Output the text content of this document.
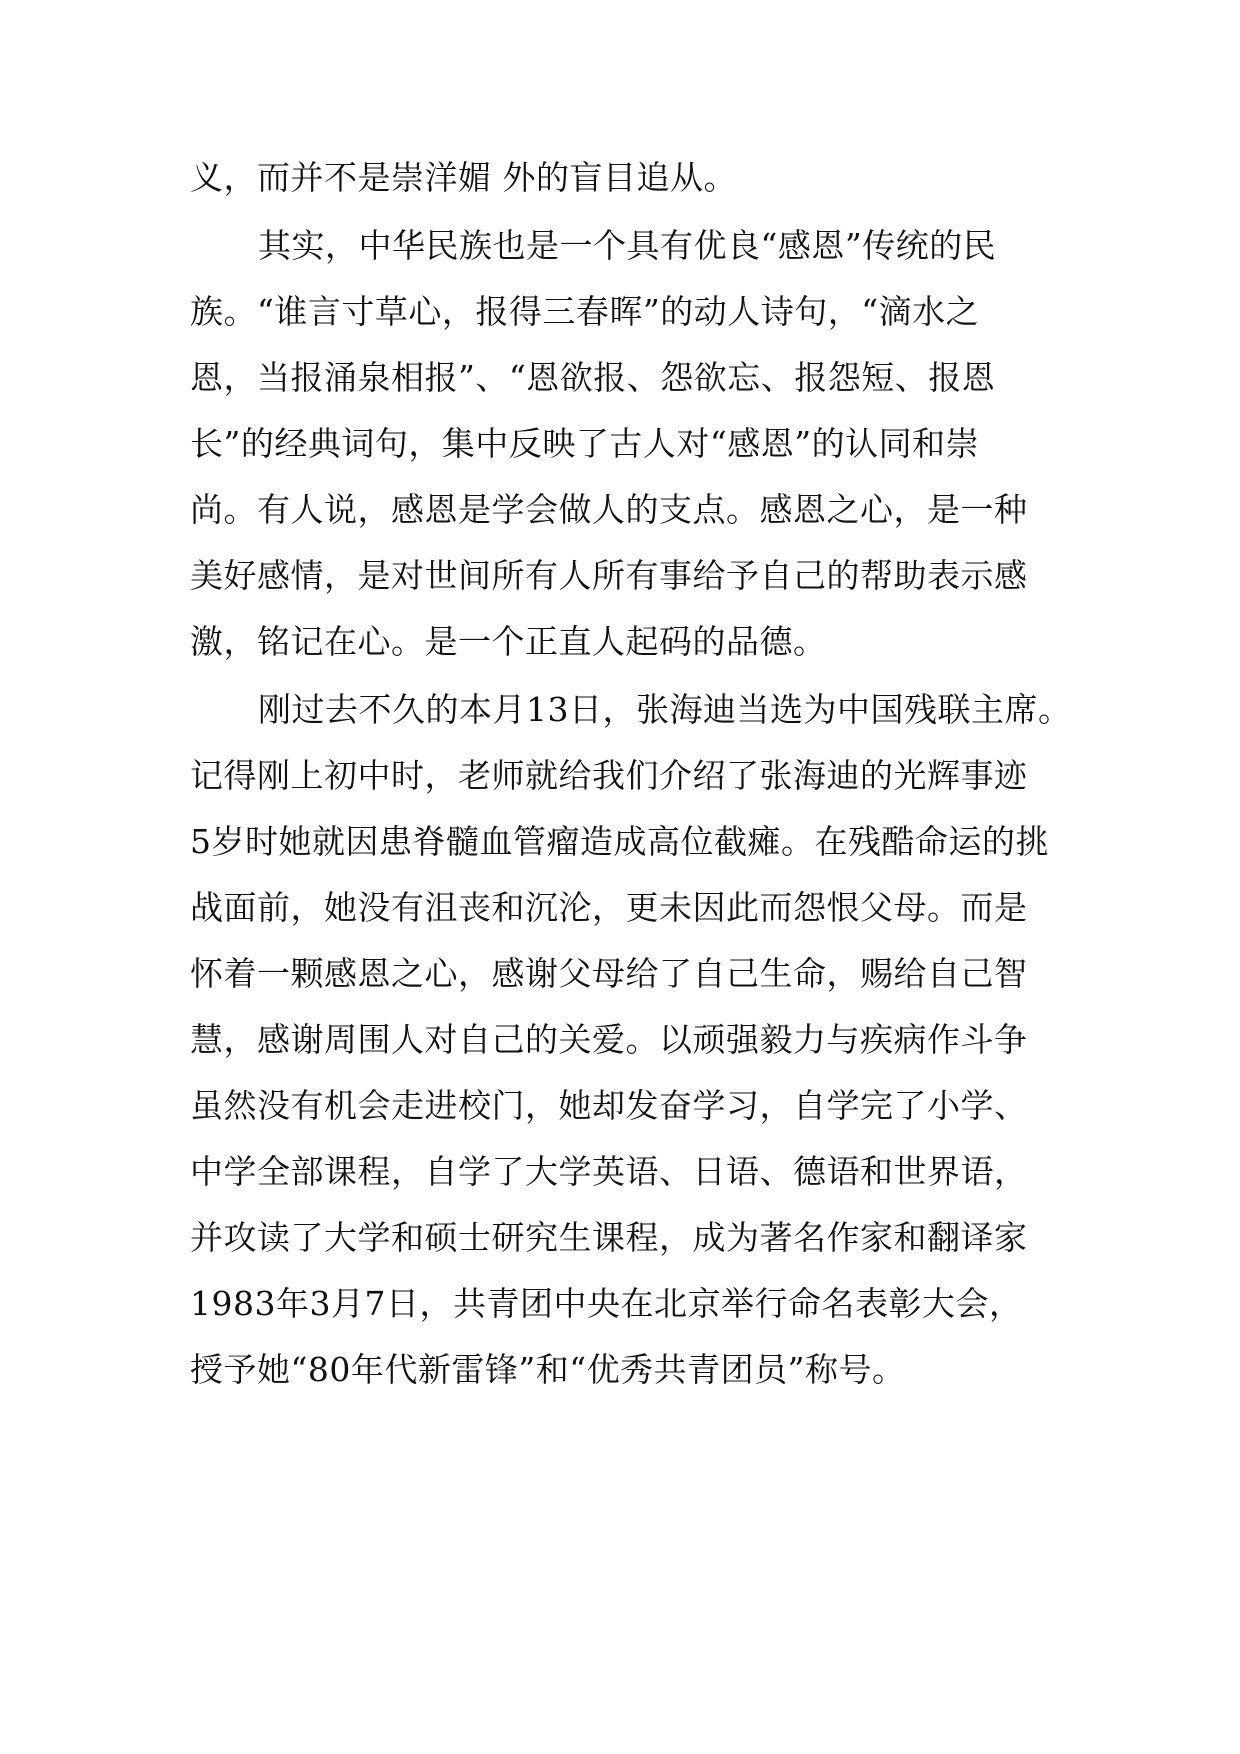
义，而并不是崇洋媚 外的盲目追从。

其实，中华民族也是一个具有优良“感恩”传统的民

族。“谁言寸草心，报得三春晖”的动人诗句，“滴水之

恩，当报涌泉相报”、“恩欲报、怨欲忘、报怨短、报恩

长”的经典词句，集中反映了古人对“感恩”的认同和崇

尚。有人说，感恩是学会做人的支点。感恩之心，是一种

美好感情，是对世间所有人所有事给予自己的帮助表示感

激，铭记在心。是一个正直人起码的品德。

刚过去不久的本月13日，张海迪当选为中国残联主席。

记得刚上初中时，老师就给我们介绍了张海迪的光辉事迹

5岁时她就因患脊髓血管瘤造成高位截瘫。在残酷命运的挑

战面前，她没有沮丧和沉沦，更未因此而怨恨父母。而是

怀着一颗感恩之心，感谢父母给了自己生命，赐给自己智

慧，感谢周围人对自己的关爱。以顽强毅力与疾病作斗争

虽然没有机会走进校门，她却发奋学习，自学完了小学、

中学全部课程，自学了大学英语、日语、德语和世界语，

并攻读了大学和硕士研究生课程，成为著名作家和翻译家

1983年3月7日，共青团中央在北京举行命名表彰大会，

授予她“80年代新雷锋”和“优秀共青团员”称号。
